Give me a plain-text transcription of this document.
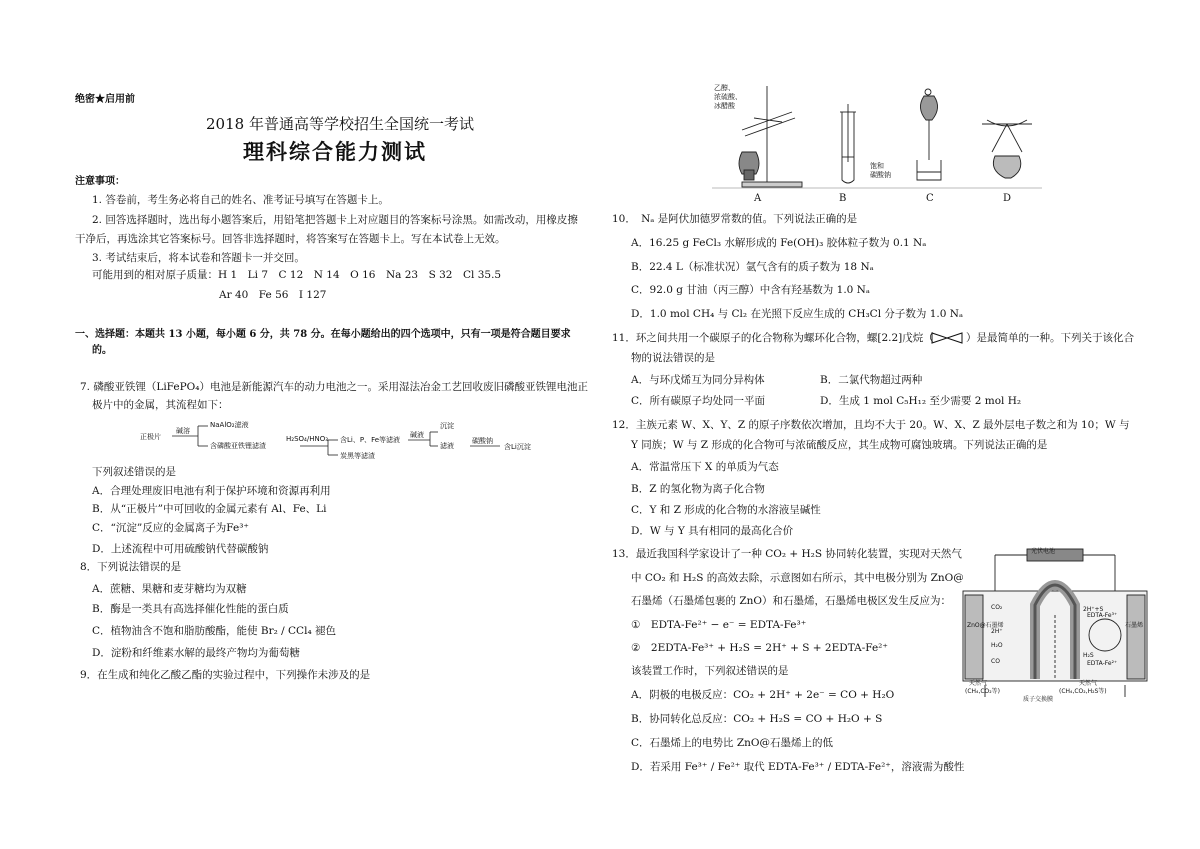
绝密★启用前
2018 年普通高等学校招生全国统一考试
理科综合能力测试
注意事项：
1. 答卷前，考生务必将自己的姓名、准考证号填写在答题卡上。
2. 回答选择题时，选出每小题答案后，用铅笔把答题卡上对应题目的答案标号涂黑。如需改动，用橡皮擦
干净后，再选涂其它答案标号。回答非选择题时，将答案写在答题卡上。写在本试卷上无效。
3. 考试结束后，将本试卷和答题卡一并交回。
可能用到的相对原子质量：H 1　Li 7　C 12　N 14　O 16　Na 23　S 32　Cl 35.5
Ar 40　Fe 56　I 127
一、选择题：本题共 13 小题，每小题 6 分，共 78 分。在每小题给出的四个选项中，只有一项是符合题目要求
的。
7. 磷酸亚铁锂（LiFePO₄）电池是新能源汽车的动力电池之一。采用湿法冶金工艺回收废旧磷酸亚铁锂电池正
极片中的金属，其流程如下：
正极片
碱溶
NaAlO₂滤液
含磷酸亚铁锂滤渣
H₂SO₄/HNO₃ 含Li、P、Fe等滤液
炭黑等滤渣
碱液
沉淀
滤液
碳酸钠
含Li沉淀
下列叙述错误的是
A．合理处理废旧电池有利于保护环境和资源再利用
B．从“正极片”中可回收的金属元素有 Al、Fe、Li
C．“沉淀”反应的金属离子为Fe³⁺
D．上述流程中可用硫酸钠代替碳酸钠
8．下列说法错误的是
A．蔗糖、果糖和麦芽糖均为双糖
B．酶是一类具有高选择催化性能的蛋白质
C．植物油含不饱和脂肪酸酯，能使 Br₂ / CCl₄ 褪色
D．淀粉和纤维素水解的最终产物均为葡萄糖
9．在生成和纯化乙酸乙酯的实验过程中，下列操作未涉及的是
乙醇、
浓硫酸、
冰醋酸
饱和
碳酸钠
A	B	C	D
10．　Nₐ 是阿伏加德罗常数的值。下列说法正确的是
A．16.25 g FeCl₃ 水解形成的 Fe(OH)₃ 胶体粒子数为 0.1 Nₐ
B．22.4 L（标准状况）氩气含有的质子数为 18 Nₐ
C．92.0 g 甘油（丙三醇）中含有羟基数为 1.0 Nₐ
D．1.0 mol CH₄ 与 Cl₂ 在光照下反应生成的 CH₃Cl 分子数为 1.0 Nₐ
11．环之间共用一个碳原子的化合物称为螺环化合物，螺[2.2]戊烷（	）是最简单的一种。下列关于该化合
物的说法错误的是
A．与环戊烯互为同分异构体	B．二氯代物超过两种
C．所有碳原子均处同一平面	D．生成 1 mol C₅H₁₂ 至少需要 2 mol H₂
12．主族元素 W、X、Y、Z 的原子序数依次增加，且均不大于 20。W、X、Z 最外层电子数之和为 10；W 与
Y 同族；W 与 Z 形成的化合物可与浓硫酸反应，其生成物可腐蚀玻璃。下列说法正确的是
A．常温常压下 X 的单质为气态
B．Z 的氢化物为离子化合物
C．Y 和 Z 形成的化合物的水溶液呈碱性
D．W 与 Y 具有相同的最高化合价
13．最近我国科学家设计了一种 CO₂ + H₂S 协同转化装置，实现对天然气
中 CO₂ 和 H₂S 的高效去除，示意图如右所示，其中电极分别为 ZnO@
石墨烯（石墨烯包裹的 ZnO）和石墨烯，石墨烯电极区发生反应为：
①　EDTA-Fe²⁺ − e⁻ = EDTA-Fe³⁺
②　2EDTA-Fe³⁺ + H₂S = 2H⁺ + S + 2EDTA-Fe²⁺
该装置工作时，下列叙述错误的是
A．阴极的电极反应：CO₂ + 2H⁺ + 2e⁻ = CO + H₂O
B．协同转化总反应：CO₂ + H₂S = CO + H₂O + S
C．石墨烯上的电势比 ZnO@石墨烯上的低
D．若采用 Fe³⁺ / Fe²⁺ 取代 EDTA-Fe³⁺ / EDTA-Fe²⁺，溶液需为酸性
光伏电池
ZnO@石墨烯	石墨烯
CO₂
CO
H₂O
2H⁺
2H⁺+S
H₂S
EDTA-Fe³⁺
EDTA-Fe²⁺
天然气
(CH₄,CO₂等)
天然气
(CH₄,CO₂,H₂S等)
质子交换膜
